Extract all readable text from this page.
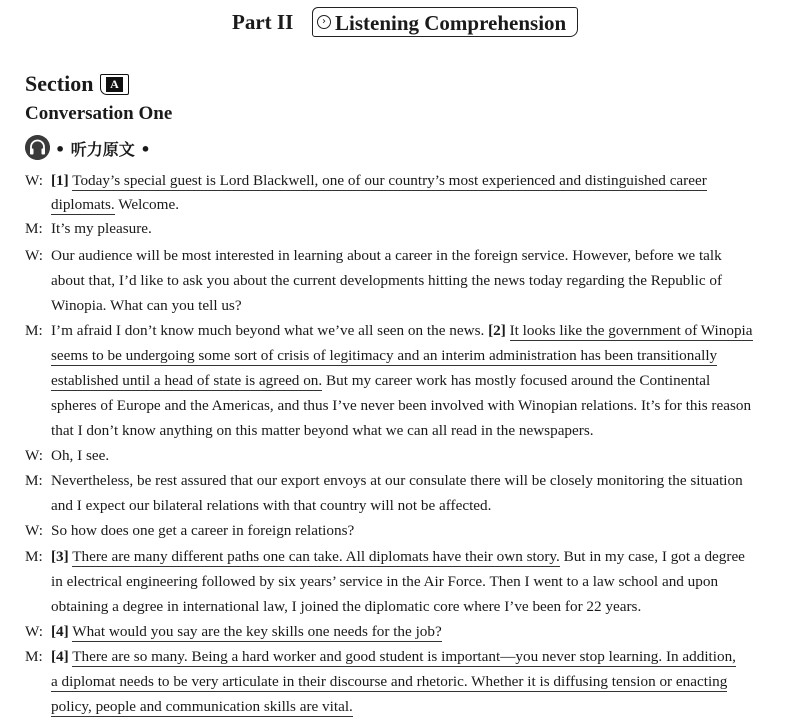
Part II	› Listening Comprehension
Section	A
Conversation One
• 听力原文 •
W: [1] Today’s special guest is Lord Blackwell, one of our country’s most experienced and distinguished career
diplomats. Welcome.
M: It’s my pleasure.
W: Our audience will be most interested in learning about a career in the foreign service. However, before we talk
about that, I’d like to ask you about the current developments hitting the news today regarding the Republic of
Winopia. What can you tell us?
M: I’m afraid I don’t know much beyond what we’ve all seen on the news. [2] It looks like the government of Winopia
seems to be undergoing some sort of crisis of legitimacy and an interim administration has been transitionally
established until a head of state is agreed on. But my career work has mostly focused around the Continental
spheres of Europe and the Americas, and thus I’ve never been involved with Winopian relations. It’s for this reason
that I don’t know anything on this matter beyond what we can all read in the newspapers.
W: Oh, I see.
M: Nevertheless, be rest assured that our export envoys at our consulate there will be closely monitoring the situation
and I expect our bilateral relations with that country will not be affected.
W: So how does one get a career in foreign relations?
M: [3] There are many different paths one can take. All diplomats have their own story. But in my case, I got a degree
in electrical engineering followed by six years’ service in the Air Force. Then I went to a law school and upon
obtaining a degree in international law, I joined the diplomatic core where I’ve been for 22 years.
W: [4] What would you say are the key skills one needs for the job?
M: [4] There are so many. Being a hard worker and good student is important—you never stop learning. In addition,
a diplomat needs to be very articulate in their discourse and rhetoric. Whether it is diffusing tension or enacting
policy, people and communication skills are vital.
